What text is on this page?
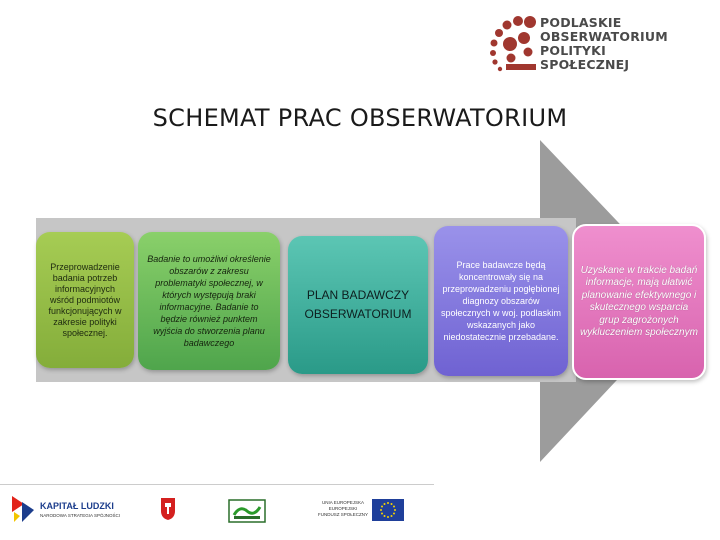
PODLASKIE
OBSERWATORIUM
POLITYKI
SPOŁECZNEJ
SCHEMAT PRAC OBSERWATORIUM
Przeprowadzenie badania potrzeb informacyjnych wśród podmiotów funkcjonujących w zakresie polityki społecznej.
Badanie to umożliwi określenie obszarów z zakresu problematyki społecznej, w których występują braki informacyjne. Badanie to będzie również punktem wyjścia do stworzenia planu badawczego
PLAN BADAWCZY OBSERWATORIUM
Prace badawcze będą koncentrowały się na przeprowadzeniu pogłębionej diagnozy obszarów społecznych w woj. podlaskim wskazanych jako niedostatecznie przebadane.
Uzyskane w trakcie badań informacje, mają ułatwić planowanie efektywnego i skutecznego wsparcia grup zagrożonych wykluczeniem społecznym
KAPITAŁ LUDZKI
NARODOWA STRATEGIA SPÓJNOŚCI
UNIA EUROPEJSKA EUROPEJSKI FUNDUSZ SPOŁECZNY
